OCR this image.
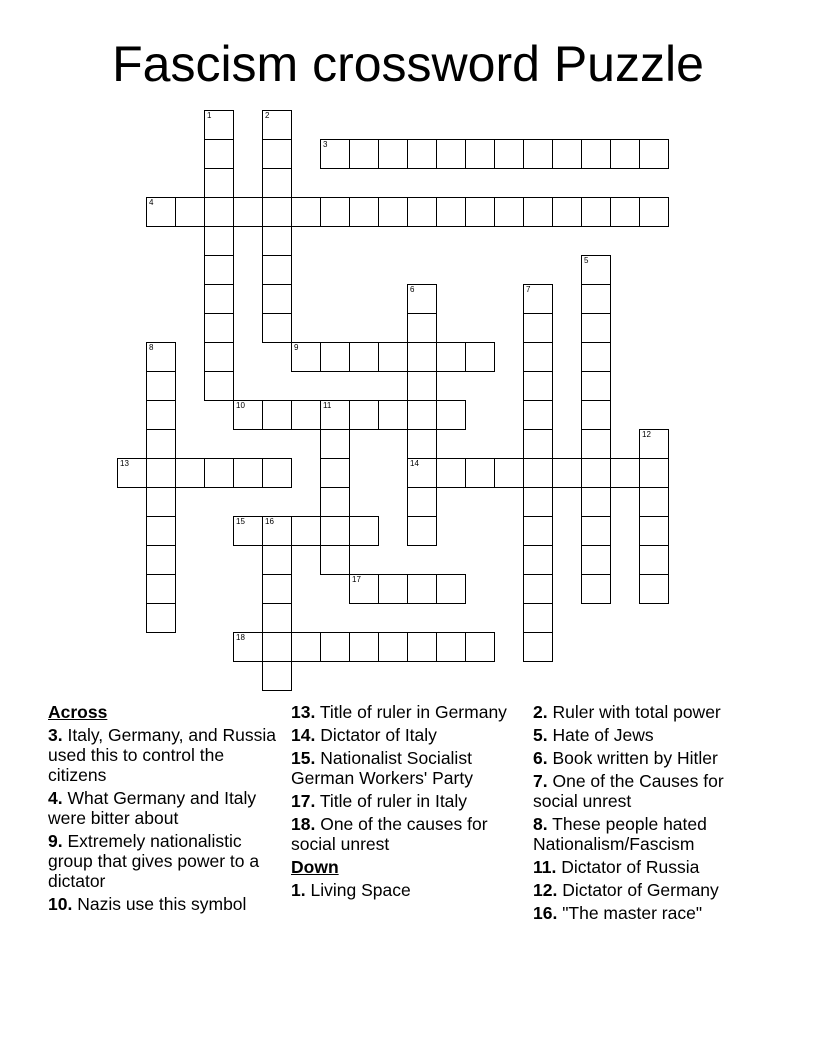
Fascism crossword Puzzle
1	2
3
4
5
6
14
7
8	9
10	11
12
13
15	16
17
18
Across
3. Italy, Germany, and Russia used this to control the citizens
4. What Germany and Italy were bitter about
9. Extremely nationalistic group that gives power to a dictator
10. Nazis use this symbol
13. Title of ruler in Germany
14. Dictator of Italy
15. Nationalist Socialist German Workers' Party
17. Title of ruler in Italy
18. One of the causes for social unrest
Down
1. Living Space
2. Ruler with total power
5. Hate of Jews
6. Book written by Hitler
7. One of the Causes for social unrest
8. These people hated Nationalism/Fascism
11. Dictator of Russia
12. Dictator of Germany
16. "The master race"
